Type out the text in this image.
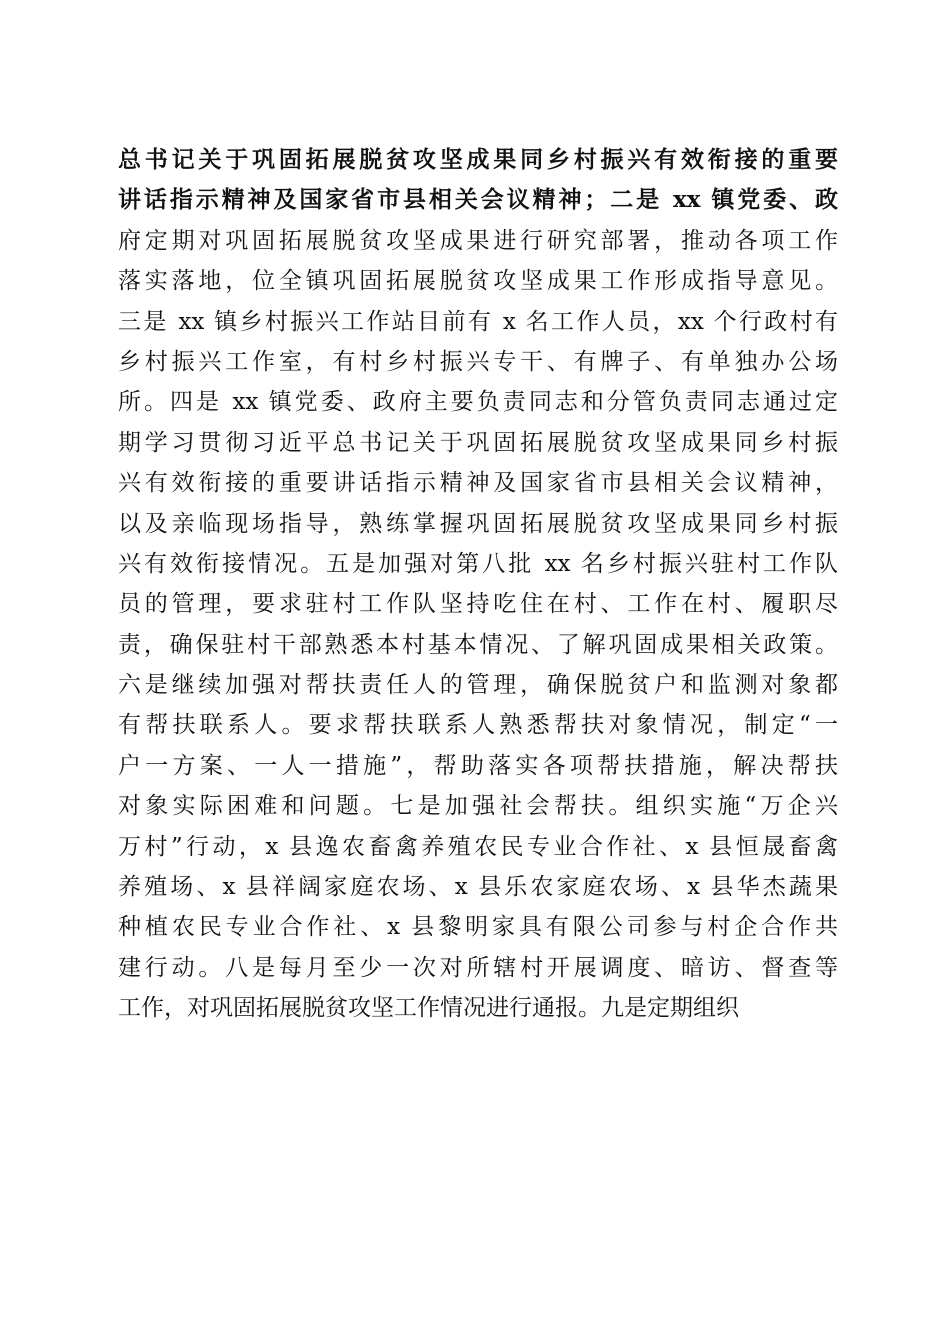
总书记关于巩固拓展脱贫攻坚成果同乡村振兴有效衔接的重要
讲话指示精神及国家省市县相关会议精神；二是 xx 镇党委、政
府定期对巩固拓展脱贫攻坚成果进行研究部署，推动各项工作
落实落地，位全镇巩固拓展脱贫攻坚成果工作形成指导意见。
三是 xx 镇乡村振兴工作站目前有 x 名工作人员，xx 个行政村有
乡村振兴工作室，有村乡村振兴专干、有牌子、有单独办公场
所。四是 xx 镇党委、政府主要负责同志和分管负责同志通过定
期学习贯彻习近平总书记关于巩固拓展脱贫攻坚成果同乡村振
兴有效衔接的重要讲话指示精神及国家省市县相关会议精神，
以及亲临现场指导，熟练掌握巩固拓展脱贫攻坚成果同乡村振
兴有效衔接情况。五是加强对第八批 xx 名乡村振兴驻村工作队
员的管理，要求驻村工作队坚持吃住在村、工作在村、履职尽
责，确保驻村干部熟悉本村基本情况、了解巩固成果相关政策。
六是继续加强对帮扶责任人的管理，确保脱贫户和监测对象都
有帮扶联系人。要求帮扶联系人熟悉帮扶对象情况，制定“一
户一方案、一人一措施”，帮助落实各项帮扶措施，解决帮扶
对象实际困难和问题。七是加强社会帮扶。组织实施“万企兴
万村”行动，x 县逸农畜禽养殖农民专业合作社、x 县恒晟畜禽
养殖场、x 县祥阔家庭农场、x 县乐农家庭农场、x 县华杰蔬果
种植农民专业合作社、x 县黎明家具有限公司参与村企合作共
建行动。八是每月至少一次对所辖村开展调度、暗访、督查等
工作，对巩固拓展脱贫攻坚工作情况进行通报。九是定期组织
